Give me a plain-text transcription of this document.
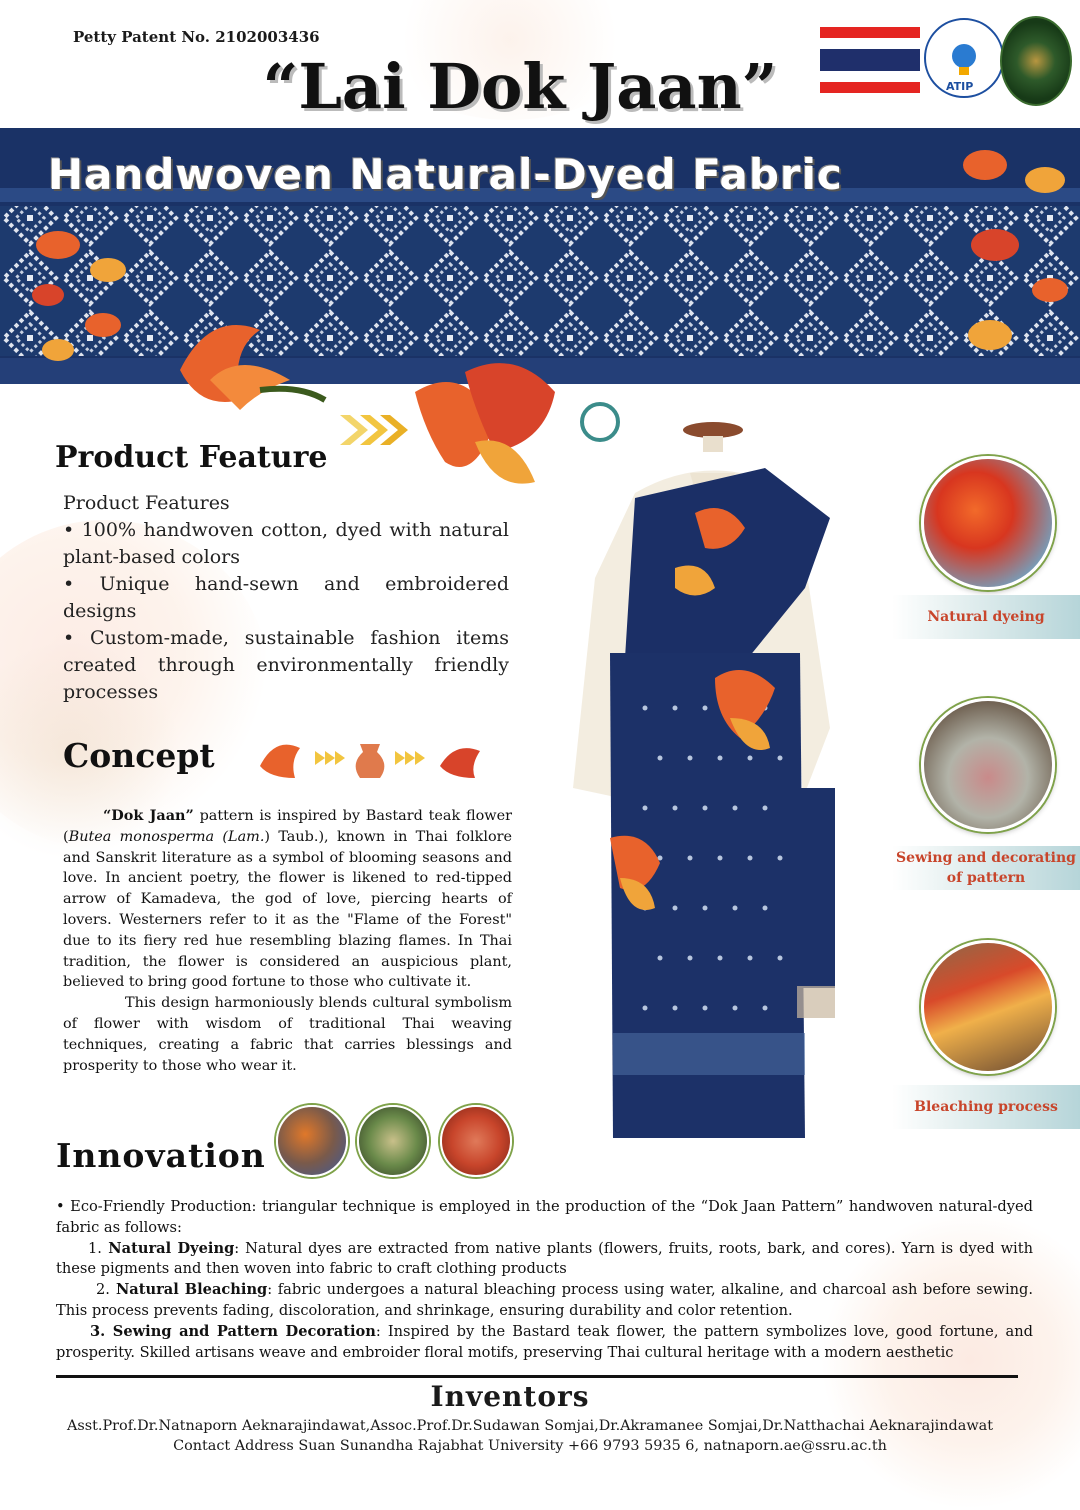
Petty Patent No. 2102003436
“Lai Dok Jaan”	ATIP
Handwoven Natural-Dyed Fabric
Product Feature
Product Features
• 100% handwoven cotton, dyed with natural plant-based colors
• Unique hand-sewn and embroidered designs
• Custom-made, sustainable fashion items created through environmentally friendly processes
Concept

“Dok Jaan” pattern is inspired by Bastard teak flower (Butea monosperma (Lam.) Taub.), known in Thai folklore and Sanskrit literature as a symbol of blooming seasons and love. In ancient poetry, the flower is likened to red-tipped arrow of Kamadeva, the god of love, piercing hearts of lovers. Westerners refer to it as the "Flame of the Forest" due to its fiery red hue resembling blazing flames. In Thai tradition, the flower is considered an auspicious plant, believed to bring good fortune to those who cultivate it.

This design harmoniously blends cultural symbolism of flower with wisdom of traditional Thai weaving techniques, creating a fabric that carries blessings and prosperity to those who wear it.

Natural dyeing
Sewing and decorating of pattern
Bleaching process
Innovation
• Eco-Friendly Production: triangular technique is employed in the production of the “Dok Jaan Pattern” handwoven natural-dyed fabric as follows:
1. Natural Dyeing: Natural dyes are extracted from native plants (flowers, fruits, roots, bark, and cores). Yarn is dyed with these pigments and then woven into fabric to craft clothing products
2. Natural Bleaching: fabric undergoes a natural bleaching process using water, alkaline, and charcoal ash before sewing. This process prevents fading, discoloration, and shrinkage, ensuring durability and color retention.
3. Sewing and Pattern Decoration: Inspired by the Bastard teak flower, the pattern symbolizes love, good fortune, and prosperity. Skilled artisans weave and embroider floral motifs, preserving Thai cultural heritage with a modern aesthetic
Inventors
Asst.Prof.Dr.Natnaporn Aeknarajindawat,Assoc.Prof.Dr.Sudawan Somjai,Dr.Akramanee Somjai,Dr.Natthachai Aeknarajindawat
Contact Address Suan Sunandha Rajabhat University +66 9793 5935 6, natnaporn.ae@ssru.ac.th
